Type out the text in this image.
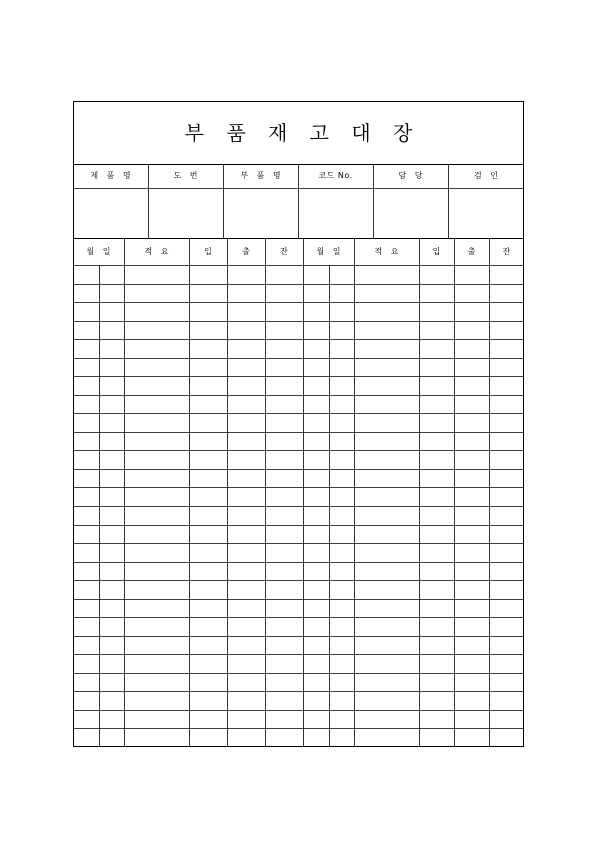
부 품 재 고 대 장
제 품 명	도 번	부 품 명	코드 No.	담 당	검 인
월 일	적 요	입	출	잔	월 일	적 요	입	출	잔
